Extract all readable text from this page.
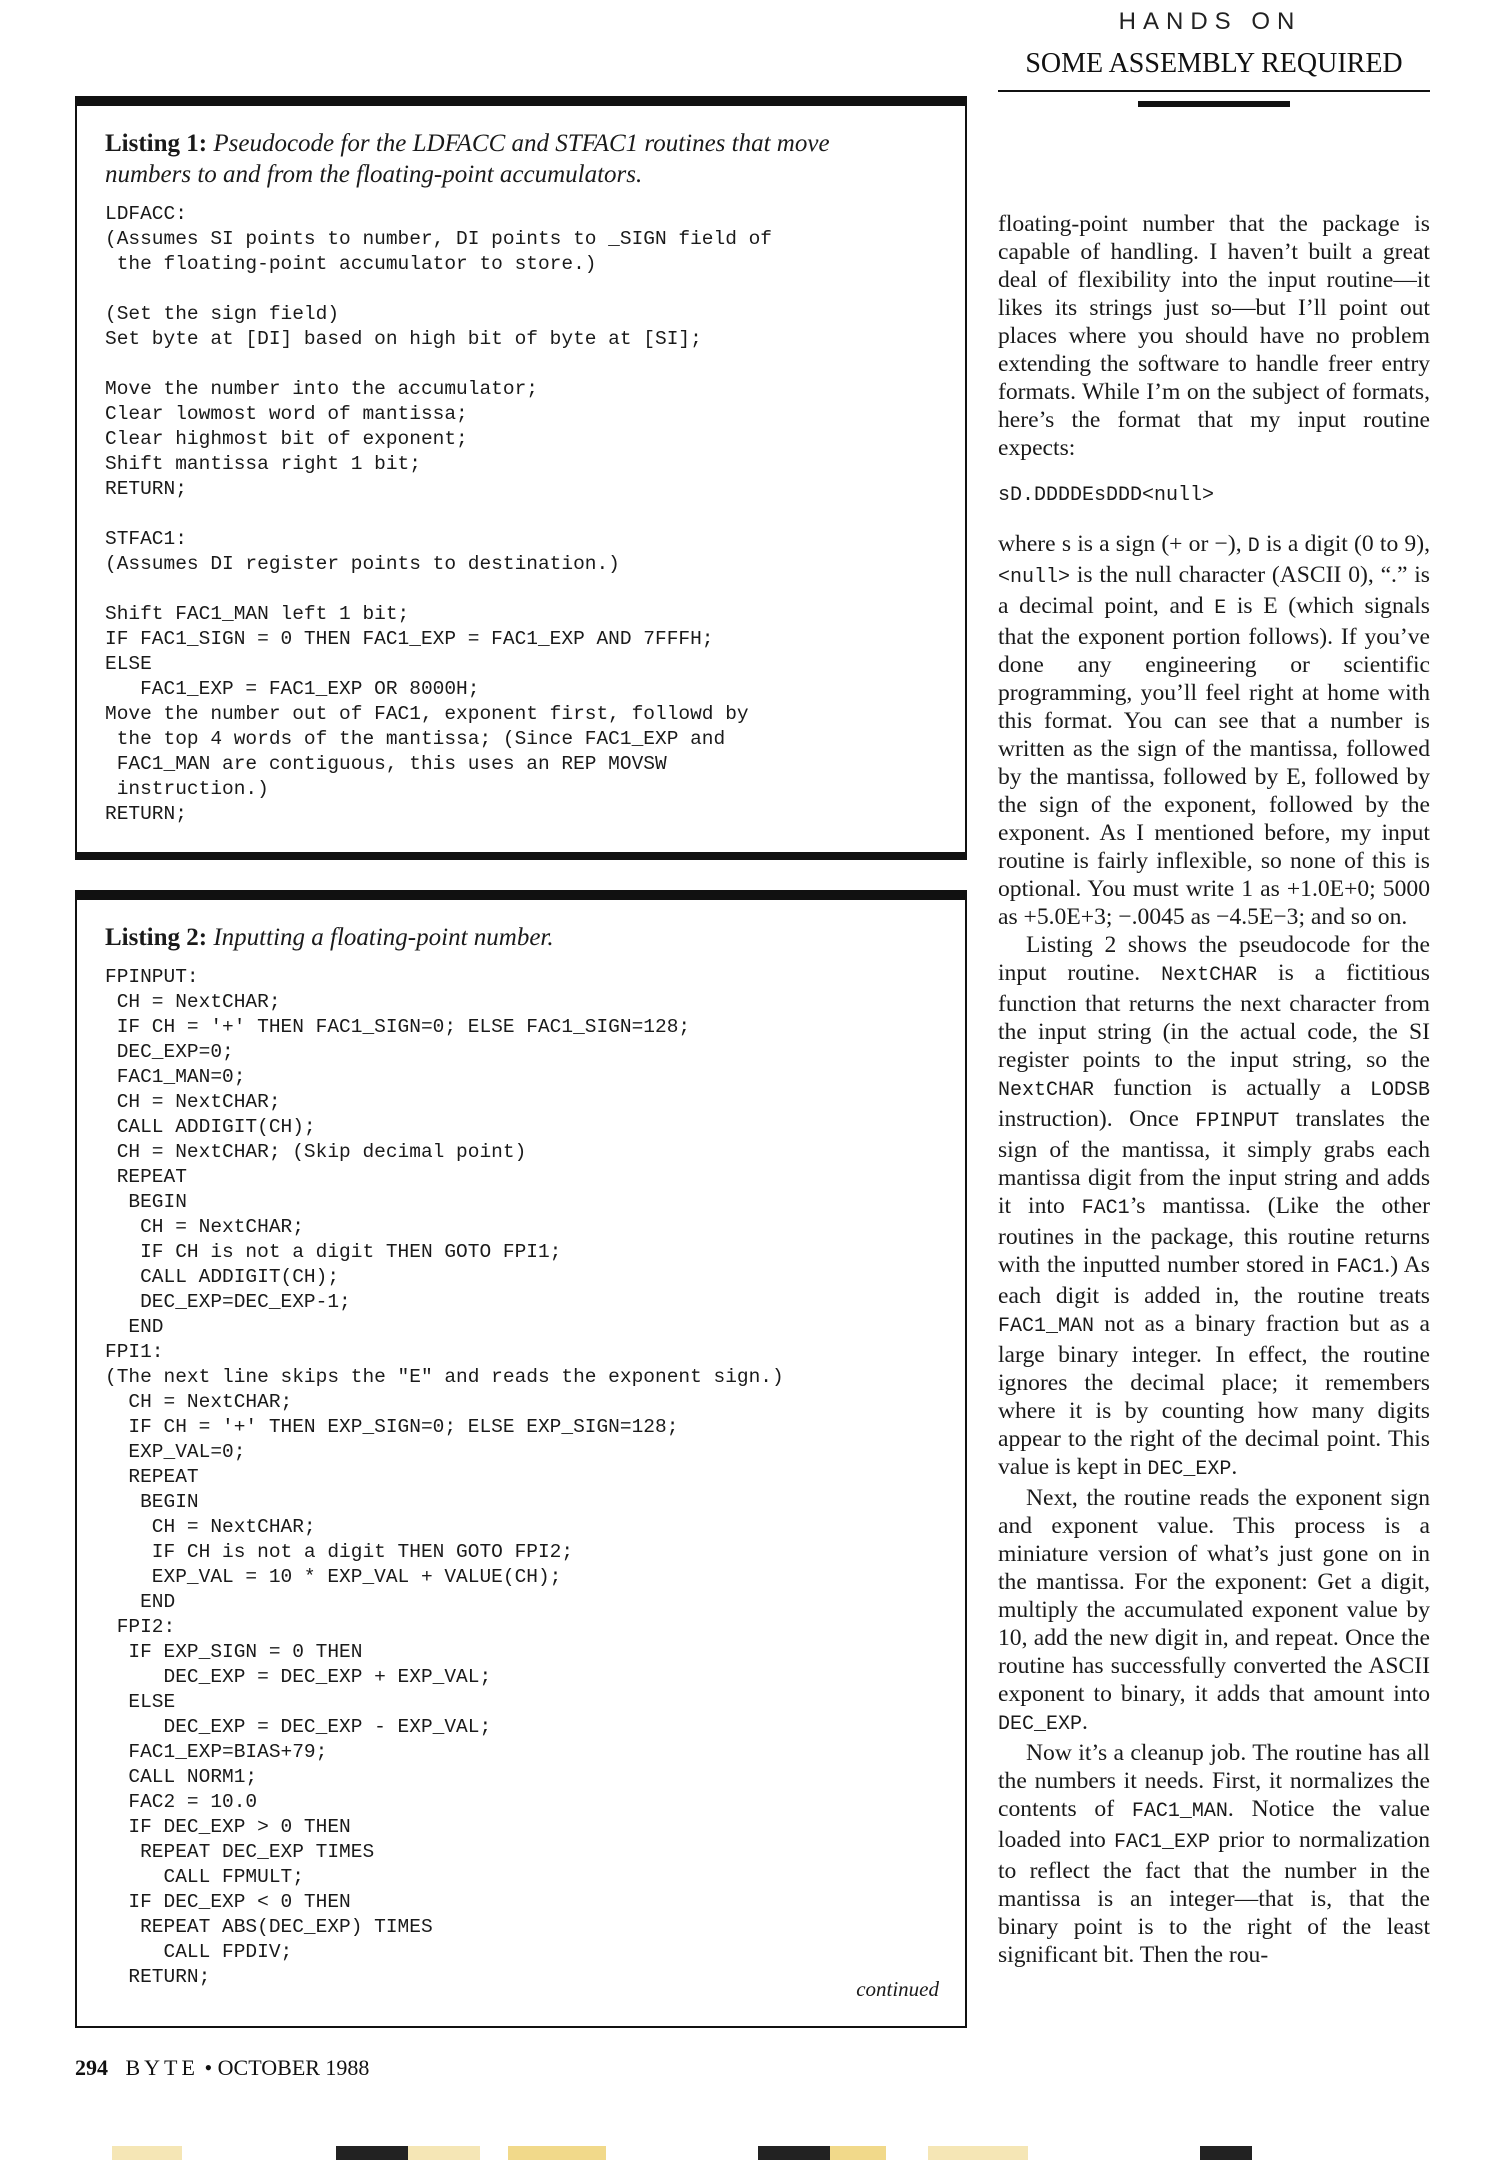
HANDS ON
SOME ASSEMBLY REQUIRED

Listing 1: Pseudocode for the LDFACC and STFAC1 routines that move numbers to and from the floating-point accumulators.

LDFACC:
(Assumes SI points to number, DI points to _SIGN field of
the floating-point accumulator to store.)

(Set the sign field)
Set byte at [DI] based on high bit of byte at [SI];

Move the number into the accumulator;
Clear lowmost word of mantissa;
Clear highmost bit of exponent;
Shift mantissa right 1 bit;
RETURN;

STFAC1:
(Assumes DI register points to destination.)

Shift FAC1_MAN left 1 bit;
IF FAC1_SIGN = 0 THEN FAC1_EXP = FAC1_EXP AND 7FFFH;
ELSE
FAC1_EXP = FAC1_EXP OR 8000H;
Move the number out of FAC1, exponent first, followd by
the top 4 words of the mantissa; (Since FAC1_EXP and
FAC1_MAN are contiguous, this uses an REP MOVSW
instruction.)
RETURN;

Listing 2: Inputting a floating-point number.

FPINPUT:
CH = NextCHAR;
IF CH = '+' THEN FAC1_SIGN=0; ELSE FAC1_SIGN=128;
DEC_EXP=0;
FAC1_MAN=0;
CH = NextCHAR;
CALL ADDIGIT(CH);
CH = NextCHAR; (Skip decimal point)
REPEAT
BEGIN
CH = NextCHAR;
IF CH is not a digit THEN GOTO FPI1;
CALL ADDIGIT(CH);
DEC_EXP=DEC_EXP-1;
END
FPI1:
(The next line skips the "E" and reads the exponent sign.)
CH = NextCHAR;
IF CH = '+' THEN EXP_SIGN=0; ELSE EXP_SIGN=128;
EXP_VAL=0;
REPEAT
BEGIN
CH = NextCHAR;
IF CH is not a digit THEN GOTO FPI2;
EXP_VAL = 10 * EXP_VAL + VALUE(CH);
END
FPI2:
IF EXP_SIGN = 0 THEN
DEC_EXP = DEC_EXP + EXP_VAL;
ELSE
DEC_EXP = DEC_EXP - EXP_VAL;
FAC1_EXP=BIAS+79;
CALL NORM1;
FAC2 = 10.0
IF DEC_EXP > 0 THEN
REPEAT DEC_EXP TIMES
CALL FPMULT;
IF DEC_EXP < 0 THEN
REPEAT ABS(DEC_EXP) TIMES
CALL FPDIV;
RETURN;	continued

floating-point number that the package is capable of handling. I haven’t built a great deal of flexibility into the input routine—it likes its strings just so—but I’ll point out places where you should have no problem extending the software to handle freer entry formats. While I’m on the subject of formats, here’s the format that my input routine expects:

sD.DDDDEsDDD<null>

where s is a sign (+ or −), D is a digit (0 to 9), <null> is the null character (ASCII 0), “.” is a decimal point, and E is E (which signals that the exponent portion follows). If you’ve done any engineering or scientific programming, you’ll feel right at home with this format. You can see that a number is written as the sign of the mantissa, followed by the mantissa, followed by E, followed by the sign of the exponent, followed by the exponent. As I mentioned before, my input routine is fairly inflexible, so none of this is optional. You must write 1 as +1.0E+0; 5000 as +5.0E+3; −.0045 as −4.5E−3; and so on.

Listing 2 shows the pseudocode for the input routine. NextCHAR is a fictitious function that returns the next character from the input string (in the actual code, the SI register points to the input string, so the NextCHAR function is actually a LODSB instruction). Once FPINPUT translates the sign of the mantissa, it simply grabs each mantissa digit from the input string and adds it into FAC1’s mantissa. (Like the other routines in the package, this routine returns with the inputted number stored in FAC1.) As each digit is added in, the routine treats FAC1_MAN not as a binary fraction but as a large binary integer. In effect, the routine ignores the decimal place; it remembers where it is by counting how many digits appear to the right of the decimal point. This value is kept in DEC_EXP.

Next, the routine reads the exponent sign and exponent value. This process is a miniature version of what’s just gone on in the mantissa. For the exponent: Get a digit, multiply the accumulated exponent value by 10, add the new digit in, and repeat. Once the routine has successfully converted the ASCII exponent to binary, it adds that amount into DEC_EXP.

Now it’s a cleanup job. The routine has all the numbers it needs. First, it normalizes the contents of FAC1_MAN. Notice the value loaded into FAC1_EXP prior to normalization to reflect the fact that the number in the mantissa is an integer—that is, that the binary point is to the right of the least significant bit. Then the rou-

294 BYTE • OCTOBER 1988
